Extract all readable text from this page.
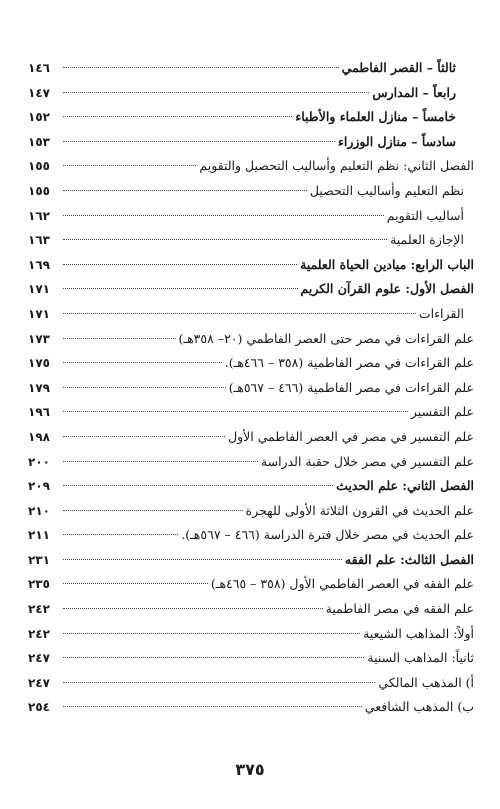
ثالثاً – القصر الفاطمي
١٤٦
رابعاً – المدارس
١٤٧
خامساً – منازل العلماء والأطباء
١٥٢
سادساً – منازل الوزراء
١٥٣
الفصل الثاني: نظم التعليم وأساليب التحصيل والتقويم
١٥٥
نظم التعليم وأساليب التحصيل
١٥٥
أساليب التقويم
١٦٢
الإجازة العلمية
١٦٣
الباب الرابع: ميادين الحياة العلمية
١٦٩
الفصل الأول: علوم القرآن الكريم
١٧١
القراءات
١٧١
علم القراءات في مصر حتى العصر الفاطمي (٢٠– ٣٥٨هـ)
١٧٣
علم القراءات في مصر الفاطمية (٣٥٨ – ٤٦٦هـ).
١٧٥
علم القراءات في مصر الفاطمية (٤٦٦ – ٥٦٧هـ)
١٧٩
علم التفسير
١٩٦
علم التفسير في مصر في العصر الفاطمي الأول
١٩٨
علم التفسير في مصر خلال حقبة الدراسة
٢٠٠
الفصل الثاني: علم الحديث
٢٠٩
علم الحديث في القرون الثلاثة الأولى للهجرة
٢١٠
علم الحديث في مصر خلال فترة الدراسة (٤٦٦ – ٥٦٧هـ).
٢١١
الفصل الثالث: علم الفقه
٢٣١
علم الفقه في العصر الفاطمي الأول (٣٥٨ – ٤٦٥هـ)
٢٣٥
علم الفقه في مصر الفاطمية
٢٤٢
أولاً: المذاهب الشيعية
٢٤٢
ثانياً: المذاهب السنية
٢٤٧
أ) المذهب المالكي
٢٤٧
ب) المذهب الشافعي
٢٥٤
٣٧٥
